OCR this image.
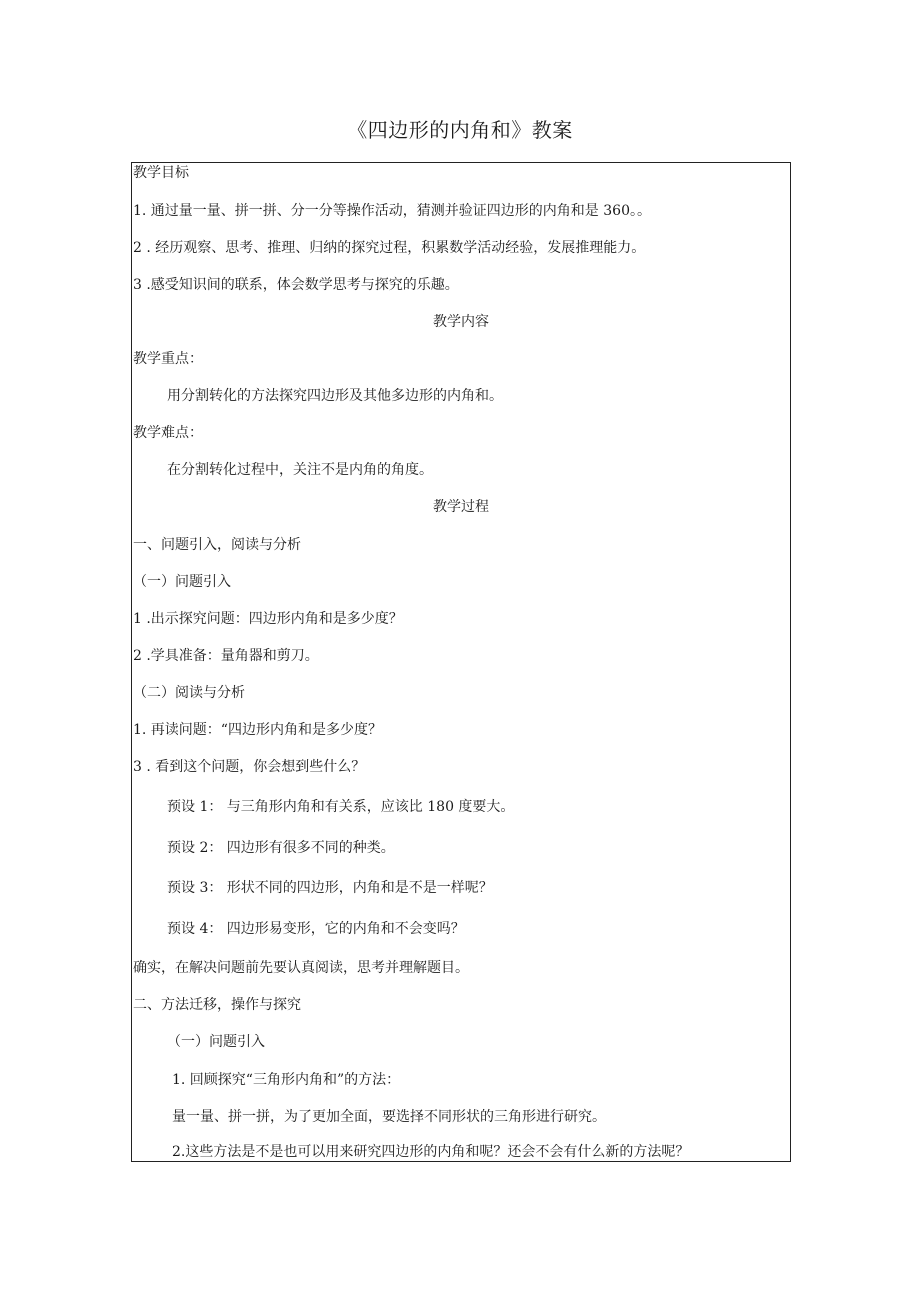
《四边形的内角和》教案
教学目标
1. 通过量一量、拼一拼、分一分等操作活动，猜测并验证四边形的内角和是 360。。
2 . 经历观察、思考、推理、归纳的探究过程，积累数学活动经验，发展推理能力。
3 .感受知识间的联系，体会数学思考与探究的乐趣。
教学内容
教学重点：
用分割转化的方法探究四边形及其他多边形的内角和。
教学难点：
在分割转化过程中，关注不是内角的角度。
教学过程
一、问题引入，阅读与分析
（一）问题引入
1 .出示探究问题：四边形内角和是多少度？
2 .学具准备：量角器和剪刀。
（二）阅读与分析
1. 再读问题：“四边形内角和是多少度？
3 . 看到这个问题，你会想到些什么？
预设 1： 与三角形内角和有关系，应该比 180 度要大。
预设 2： 四边形有很多不同的种类。
预设 3： 形状不同的四边形，内角和是不是一样呢？
预设 4： 四边形易变形，它的内角和不会变吗？
确实，在解决问题前先要认真阅读，思考并理解题目。
二、方法迁移，操作与探究
（一）问题引入
1. 回顾探究“三角形内角和”的方法：
量一量、拼一拼，为了更加全面，要选择不同形状的三角形进行研究。
2.这些方法是不是也可以用来研究四边形的内角和呢？还会不会有什么新的方法呢？
